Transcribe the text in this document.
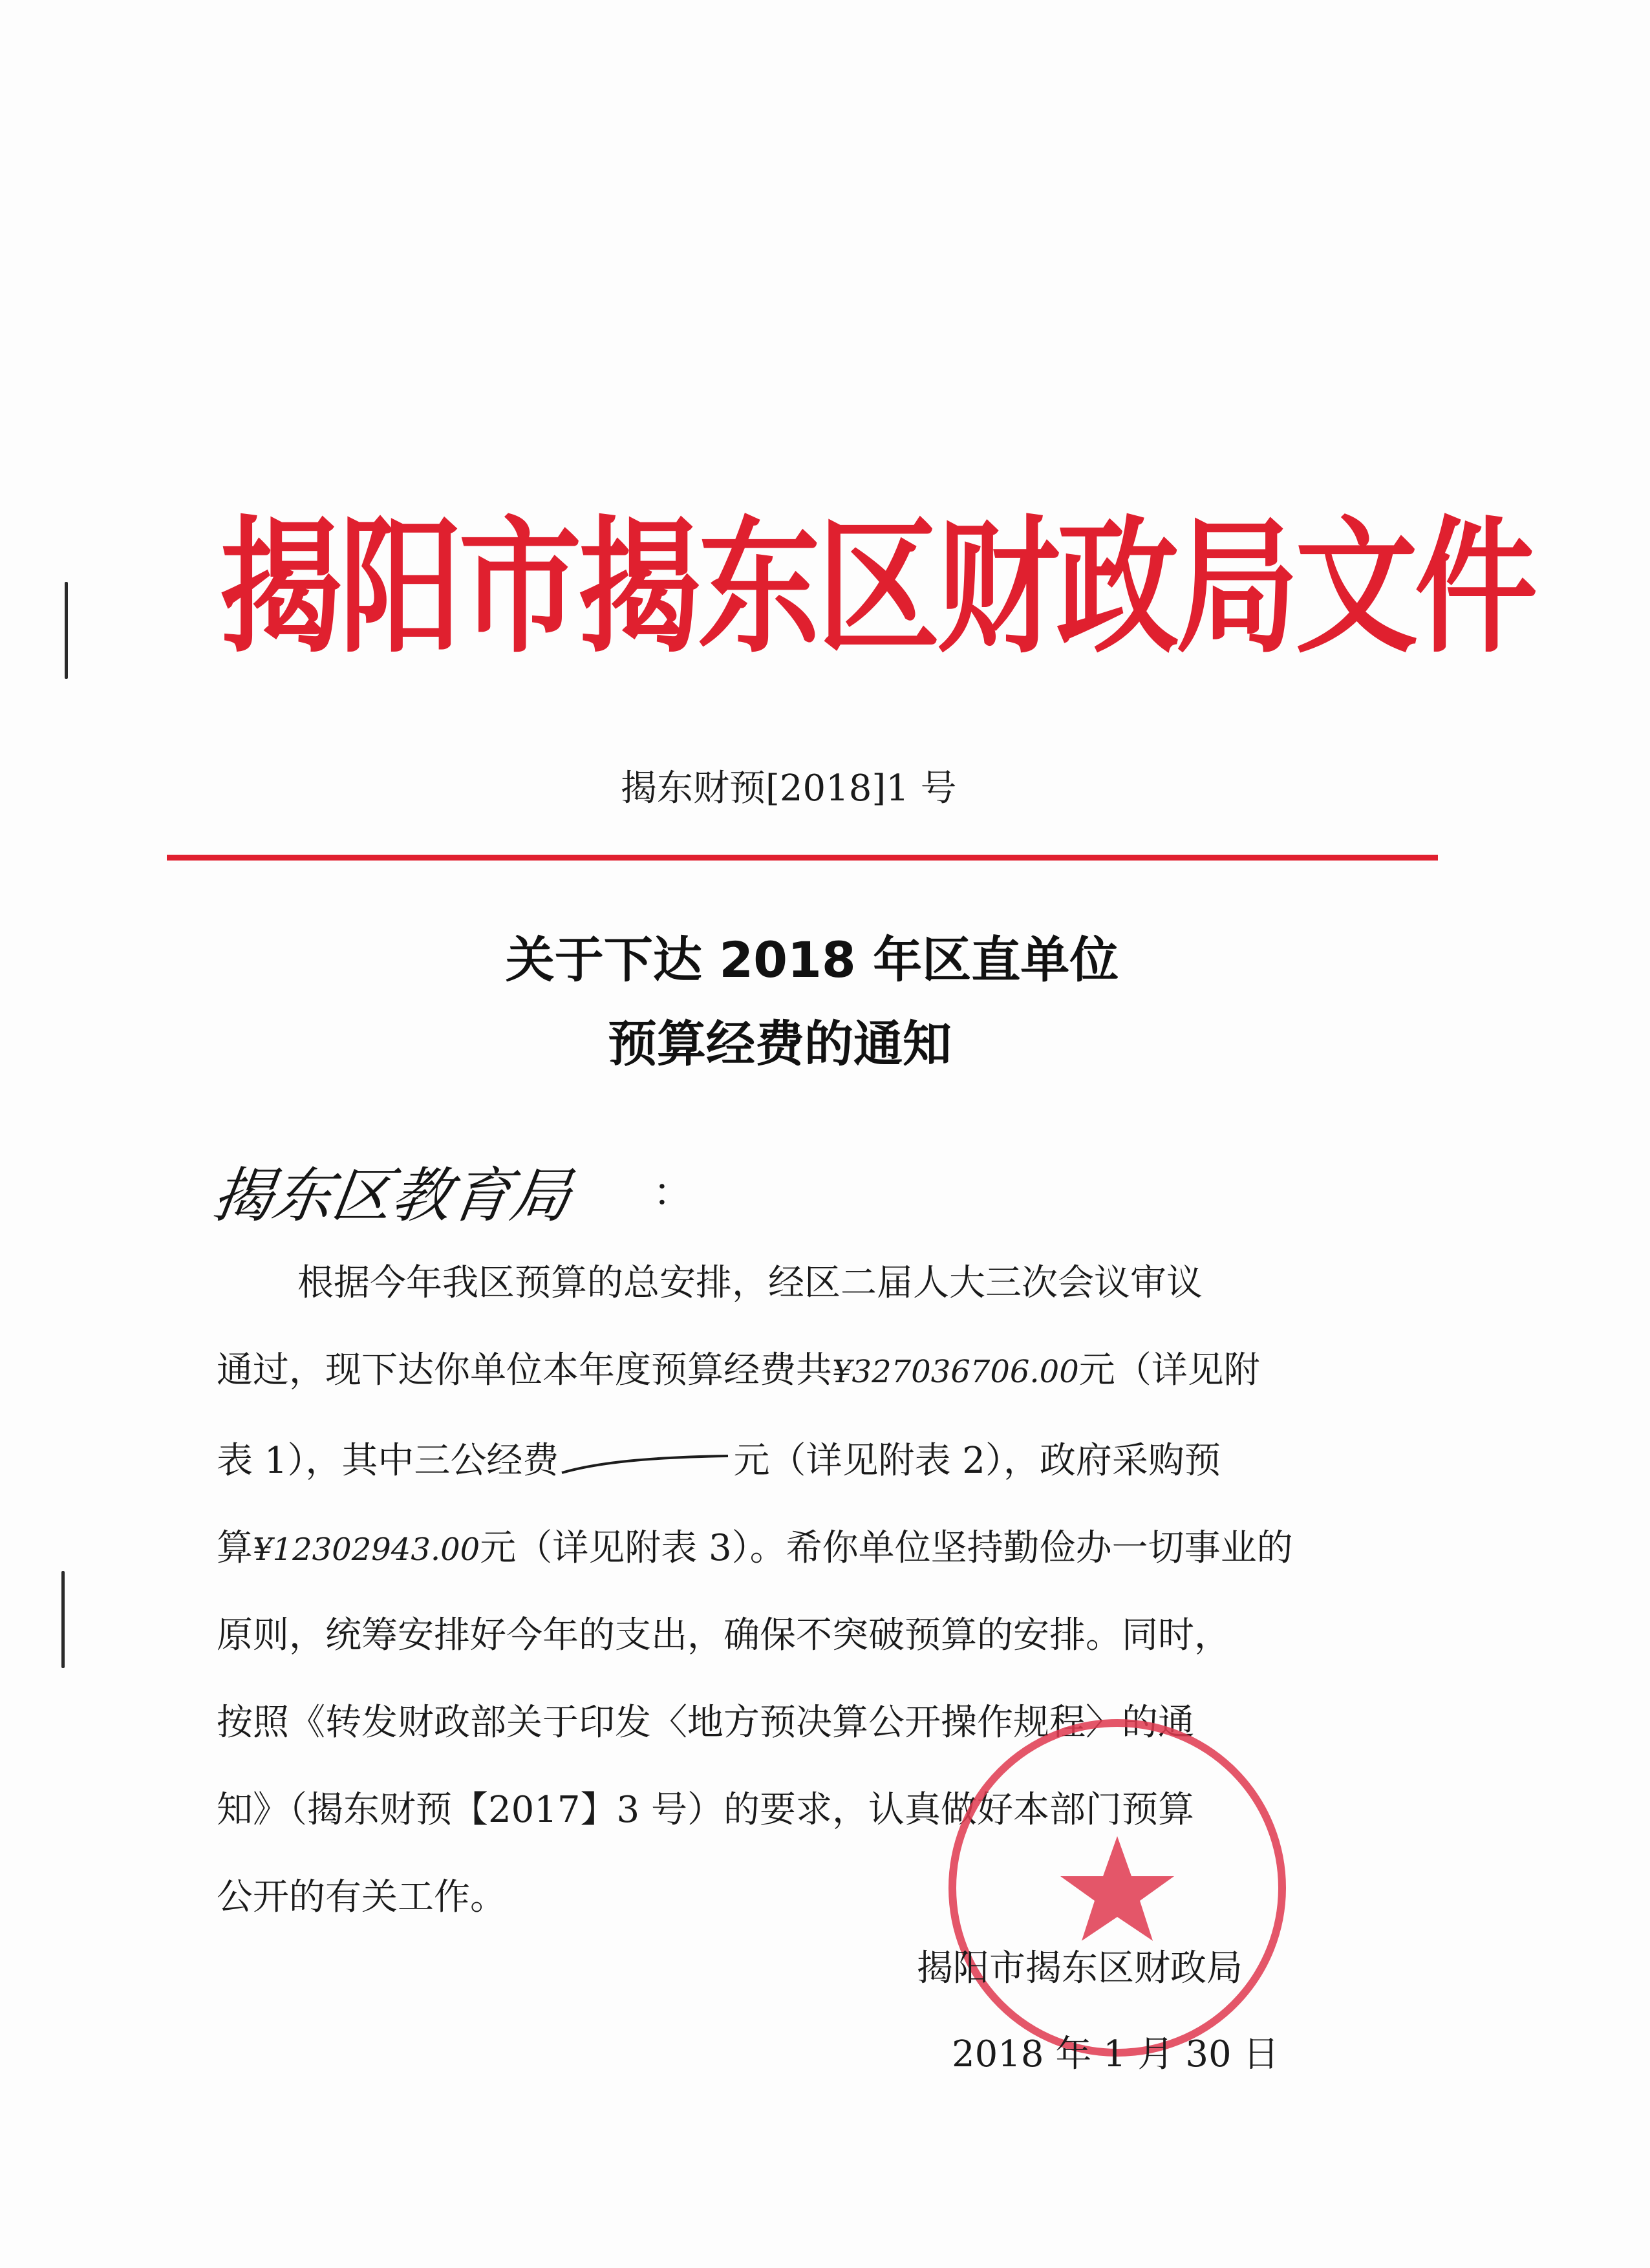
揭阳市揭东区财政局文件
揭东财预[2018]1 号
关于下达 2018 年区直单位
预算经费的通知
揭东区教育局 ：
根据今年我区预算的总安排，经区二届人大三次会议审议
通过，现下达你单位本年度预算经费共¥327036706.00元（详见附
表 1），其中三公经费	元（详见附表 2），政府采购预
算¥12302943.00元（详见附表 3）。希你单位坚持勤俭办一切事业的
原则，统筹安排好今年的支出，确保不突破预算的安排。同时，
按照《转发财政部关于印发〈地方预决算公开操作规程〉的通
知》（揭东财预【2017】3 号）的要求，认真做好本部门预算
公开的有关工作。
揭阳市揭东区财政局
2018 年 1 月 30 日
